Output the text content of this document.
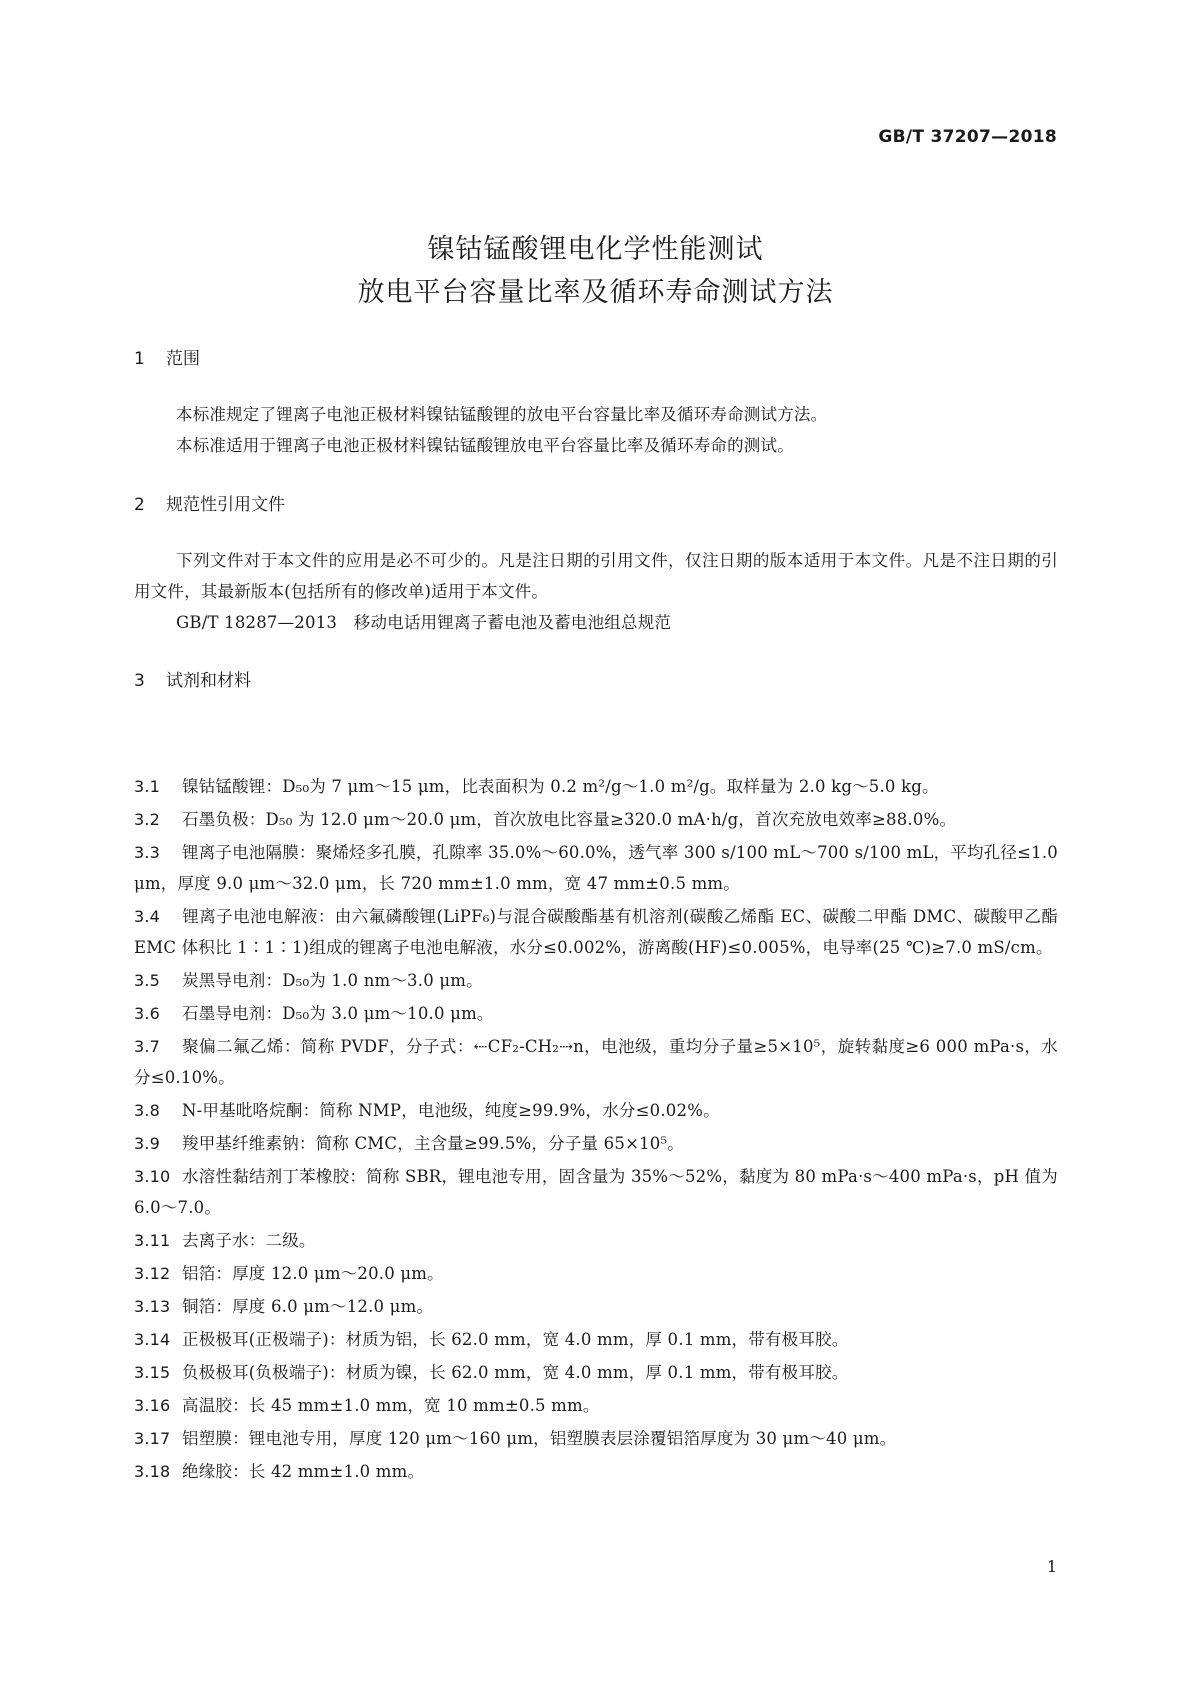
GB/T 37207—2018
镍钴锰酸锂电化学性能测试
放电平台容量比率及循环寿命测试方法
1 范围

本标准规定了锂离子电池正极材料镍钴锰酸锂的放电平台容量比率及循环寿命测试方法。

本标准适用于锂离子电池正极材料镍钴锰酸锂放电平台容量比率及循环寿命的测试。

2 规范性引用文件

下列文件对于本文件的应用是必不可少的。凡是注日期的引用文件，仅注日期的版本适用于本文件。凡是不注日期的引用文件，其最新版本(包括所有的修改单)适用于本文件。

GB/T 18287—2013　移动电话用锂离子蓄电池及蓄电池组总规范

3 试剂和材料

3.1 镍钴锰酸锂：D₅₀为 7 μm～15 μm，比表面积为 0.2 m²/g～1.0 m²/g。取样量为 2.0 kg～5.0 kg。

3.2 石墨负极：D₅₀ 为 12.0 μm～20.0 μm，首次放电比容量≥320.0 mA·h/g，首次充放电效率≥88.0%。

3.3 锂离子电池隔膜：聚烯烃多孔膜，孔隙率 35.0%～60.0%，透气率 300 s/100 mL～700 s/100 mL，平均孔径≤1.0 μm，厚度 9.0 μm～32.0 μm，长 720 mm±1.0 mm，宽 47 mm±0.5 mm。

3.4 锂离子电池电解液：由六氟磷酸锂(LiPF₆)与混合碳酸酯基有机溶剂(碳酸乙烯酯 EC、碳酸二甲酯 DMC、碳酸甲乙酯 EMC 体积比 1∶1∶1)组成的锂离子电池电解液，水分≤0.002%，游离酸(HF)≤0.005%，电导率(25 ℃)≥7.0 mS/cm。

3.5 炭黑导电剂：D₅₀为 1.0 nm～3.0 μm。

3.6 石墨导电剂：D₅₀为 3.0 μm～10.0 μm。

3.7 聚偏二氟乙烯：简称 PVDF，分子式：⇠CF₂-CH₂⇢n，电池级，重均分子量≥5×10⁵，旋转黏度≥6 000 mPa·s，水分≤0.10%。

3.8 N-甲基吡咯烷酮：简称 NMP，电池级，纯度≥99.9%，水分≤0.02%。

3.9 羧甲基纤维素钠：简称 CMC，主含量≥99.5%，分子量 65×10⁵。

3.10 水溶性黏结剂丁苯橡胶：简称 SBR，锂电池专用，固含量为 35%～52%，黏度为 80 mPa·s～400 mPa·s，pH 值为 6.0～7.0。

3.11 去离子水：二级。

3.12 铝箔：厚度 12.0 μm～20.0 μm。

3.13 铜箔：厚度 6.0 μm～12.0 μm。

3.14 正极极耳(正极端子)：材质为铝，长 62.0 mm，宽 4.0 mm，厚 0.1 mm，带有极耳胶。

3.15 负极极耳(负极端子)：材质为镍，长 62.0 mm，宽 4.0 mm，厚 0.1 mm，带有极耳胶。

3.16 高温胶：长 45 mm±1.0 mm，宽 10 mm±0.5 mm。

3.17 铝塑膜：锂电池专用，厚度 120 μm～160 μm，铝塑膜表层涂覆铝箔厚度为 30 μm～40 μm。

3.18 绝缘胶：长 42 mm±1.0 mm。

1
